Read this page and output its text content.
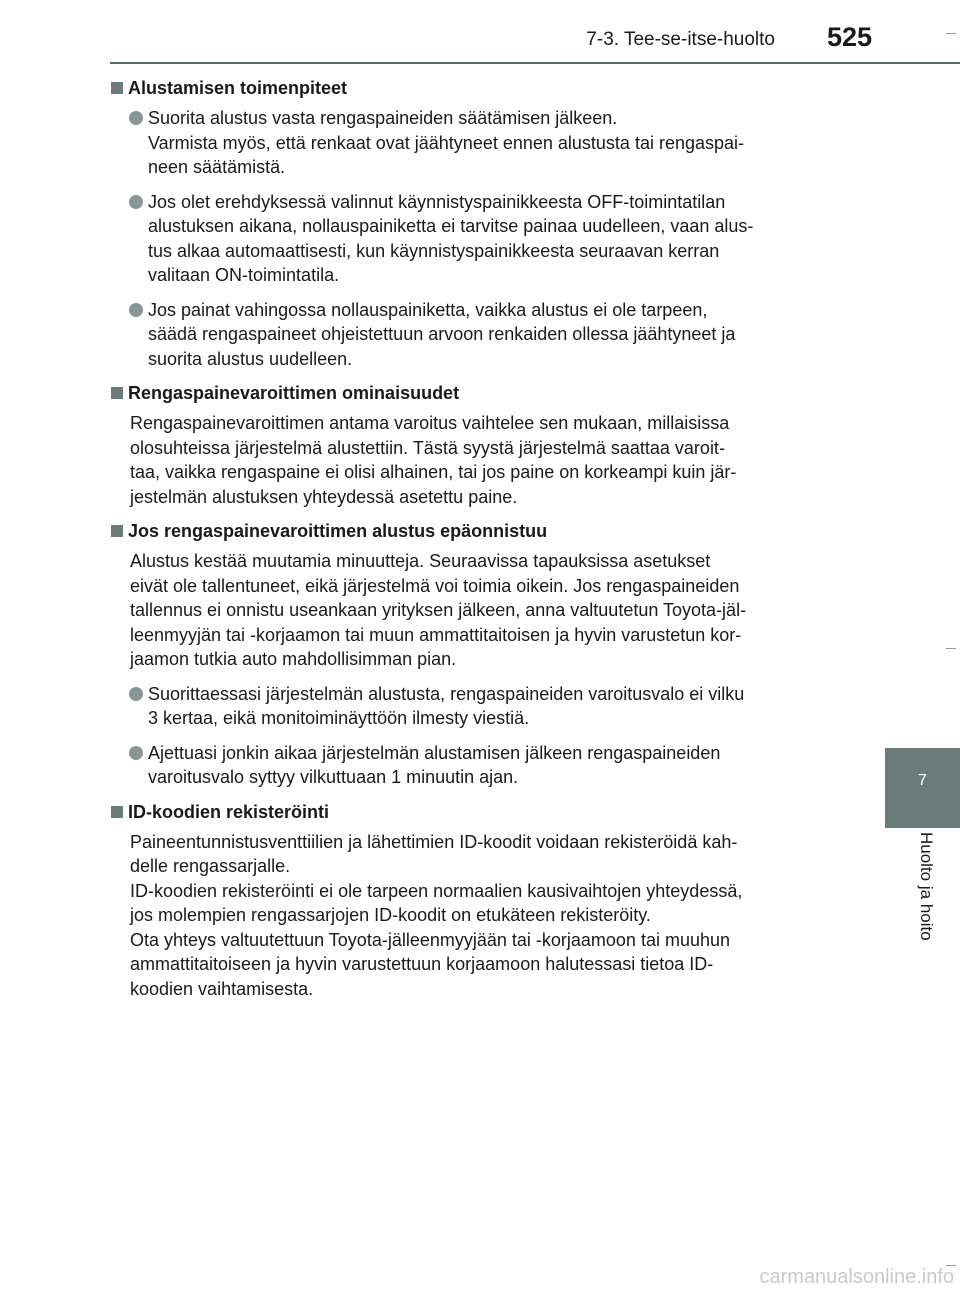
7-3. Tee-se-itse-huolto 525
7
Huolto ja hoito
Alustamisen toimenpiteet
Suorita alustus vasta rengaspaineiden säätämisen jälkeen.
Varmista myös, että renkaat ovat jäähtyneet ennen alustusta tai rengaspai-
neen säätämistä.
Jos olet erehdyksessä valinnut käynnistyspainikkeesta OFF-toimintatilan
alustuksen aikana, nollauspainiketta ei tarvitse painaa uudelleen, vaan alus-
tus alkaa automaattisesti, kun käynnistyspainikkeesta seuraavan kerran
valitaan ON-toimintatila.
Jos painat vahingossa nollauspainiketta, vaikka alustus ei ole tarpeen,
säädä rengaspaineet ohjeistettuun arvoon renkaiden ollessa jäähtyneet ja
suorita alustus uudelleen.
Rengaspainevaroittimen ominaisuudet
Rengaspainevaroittimen antama varoitus vaihtelee sen mukaan, millaisissa
olosuhteissa järjestelmä alustettiin. Tästä syystä järjestelmä saattaa varoit-
taa, vaikka rengaspaine ei olisi alhainen, tai jos paine on korkeampi kuin jär-
jestelmän alustuksen yhteydessä asetettu paine.
Jos rengaspainevaroittimen alustus epäonnistuu
Alustus kestää muutamia minuutteja. Seuraavissa tapauksissa asetukset
eivät ole tallentuneet, eikä järjestelmä voi toimia oikein. Jos rengaspaineiden
tallennus ei onnistu useankaan yrityksen jälkeen, anna valtuutetun Toyota-jäl-
leenmyyjän tai -korjaamon tai muun ammattitaitoisen ja hyvin varustetun kor-
jaamon tutkia auto mahdollisimman pian.
Suorittaessasi järjestelmän alustusta, rengaspaineiden varoitusvalo ei vilku
3 kertaa, eikä monitoiminäyttöön ilmesty viestiä.
Ajettuasi jonkin aikaa järjestelmän alustamisen jälkeen rengaspaineiden
varoitusvalo syttyy vilkuttuaan 1 minuutin ajan.
ID-koodien rekisteröinti
Paineentunnistusventtiilien ja lähettimien ID-koodit voidaan rekisteröidä kah-
delle rengassarjalle.
ID-koodien rekisteröinti ei ole tarpeen normaalien kausivaihtojen yhteydessä,
jos molempien rengassarjojen ID-koodit on etukäteen rekisteröity.
Ota yhteys valtuutettuun Toyota-jälleenmyyjään tai -korjaamoon tai muuhun
ammattitaitoiseen ja hyvin varustettuun korjaamoon halutessasi tietoa ID-
koodien vaihtamisesta.
carmanualsonline.info
